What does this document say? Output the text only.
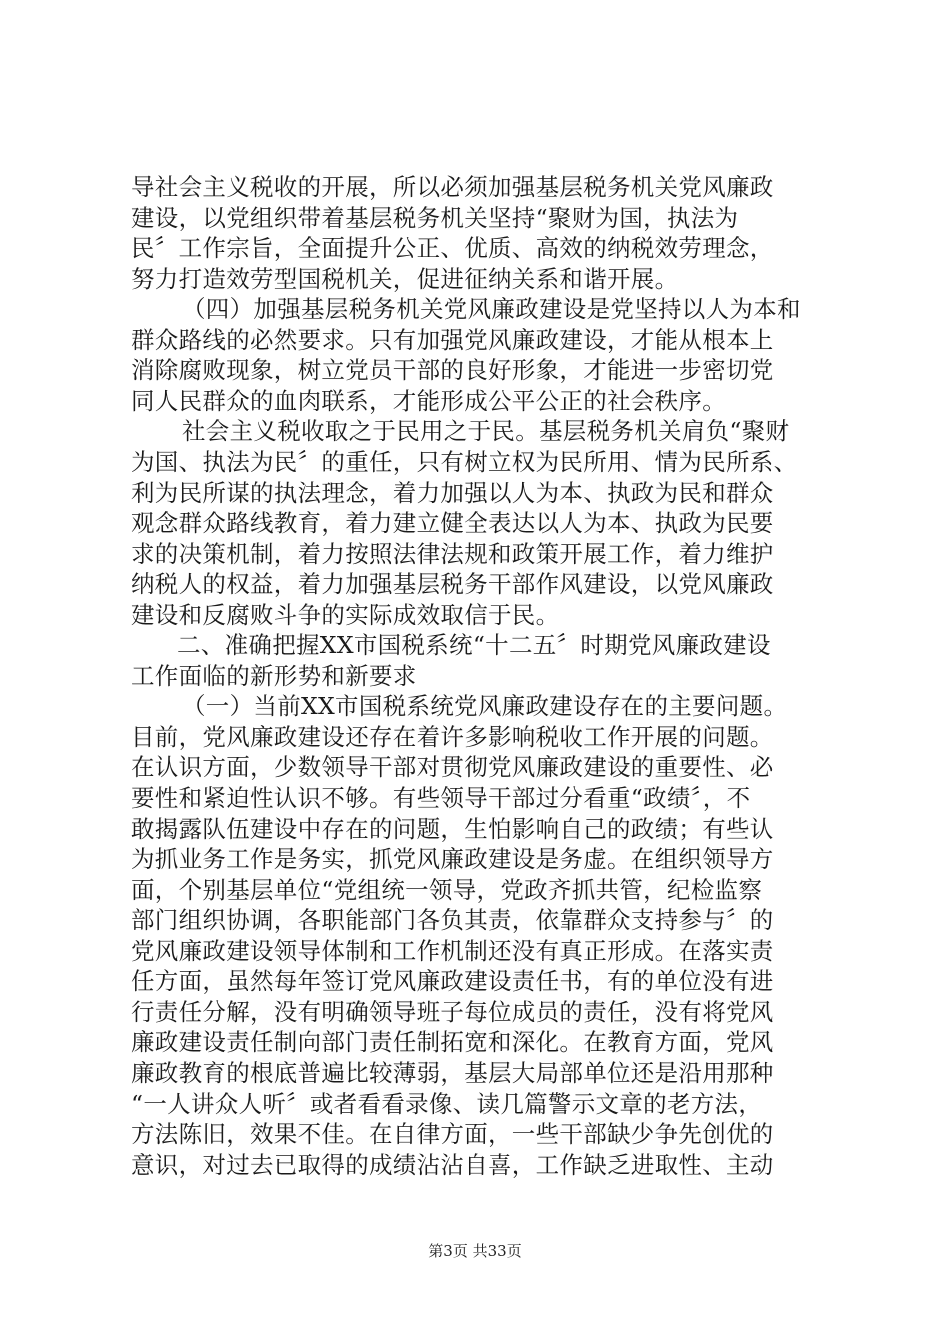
导社会主义税收的开展，所以必须加强基层税务机关党风廉政
建设，以党组织带着基层税务机关坚持“聚财为国，执法为
民〞工作宗旨，全面提升公正、优质、高效的纳税效劳理念，
努力打造效劳型国税机关，促进征纳关系和谐开展。
（四）加强基层税务机关党风廉政建设是党坚持以人为本和
群众路线的必然要求。只有加强党风廉政建设，才能从根本上
消除腐败现象，树立党员干部的良好形象，才能进一步密切党
同人民群众的血肉联系，才能形成公平公正的社会秩序。
社会主义税收取之于民用之于民。基层税务机关肩负“聚财
为国、执法为民〞的重任，只有树立权为民所用、情为民所系、
利为民所谋的执法理念，着力加强以人为本、执政为民和群众
观念群众路线教育，着力建立健全表达以人为本、执政为民要
求的决策机制，着力按照法律法规和政策开展工作，着力维护
纳税人的权益，着力加强基层税务干部作风建设，以党风廉政
建设和反腐败斗争的实际成效取信于民。
二、准确把握XX市国税系统“十二五〞时期党风廉政建设
工作面临的新形势和新要求
（一）当前XX市国税系统党风廉政建设存在的主要问题。
目前，党风廉政建设还存在着许多影响税收工作开展的问题。
在认识方面，少数领导干部对贯彻党风廉政建设的重要性、必
要性和紧迫性认识不够。有些领导干部过分看重“政绩〞，不
敢揭露队伍建设中存在的问题，生怕影响自己的政绩；有些认
为抓业务工作是务实，抓党风廉政建设是务虚。在组织领导方
面，个别基层单位“党组统一领导，党政齐抓共管，纪检监察
部门组织协调，各职能部门各负其责，依靠群众支持参与〞的
党风廉政建设领导体制和工作机制还没有真正形成。在落实责
任方面，虽然每年签订党风廉政建设责任书，有的单位没有进
行责任分解，没有明确领导班子每位成员的责任，没有将党风
廉政建设责任制向部门责任制拓宽和深化。在教育方面，党风
廉政教育的根底普遍比较薄弱，基层大局部单位还是沿用那种
“一人讲众人听〞或者看看录像、读几篇警示文章的老方法，
方法陈旧，效果不佳。在自律方面，一些干部缺少争先创优的
意识，对过去已取得的成绩沾沾自喜，工作缺乏进取性、主动
第3页 共33页
